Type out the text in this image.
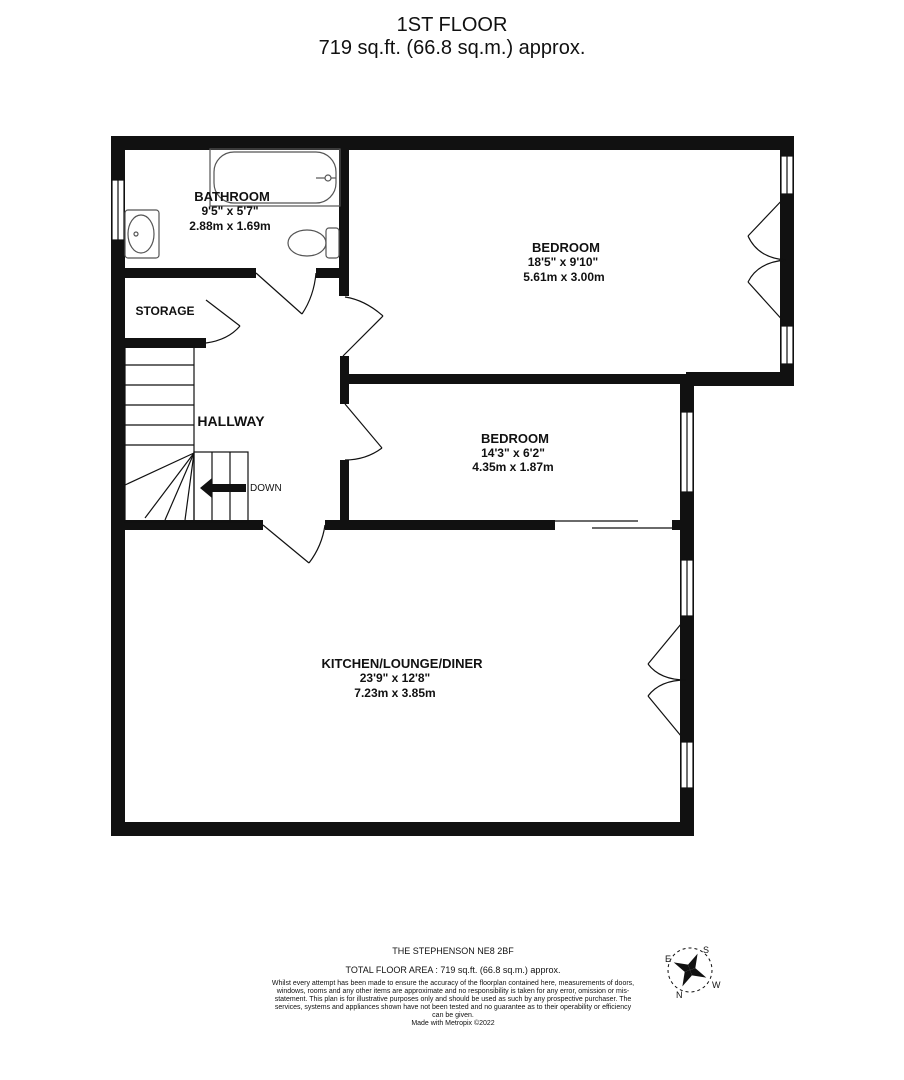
1ST FLOOR
719 sq.ft. (66.8 sq.m.) approx.
DOWN
BATHROOM
9'5" x 5'7"
2.88m x 1.69m
BEDROOM
18'5" x 9'10"
5.61m x 3.00m
STORAGE
HALLWAY
BEDROOM
14'3" x 6'2"
4.35m x 1.87m
KITCHEN/LOUNGE/DINER
23'9" x 12'8"
7.23m x 3.85m
S
W
N
E
THE STEPHENSON NE8 2BF
TOTAL FLOOR AREA : 719 sq.ft. (66.8 sq.m.) approx.
Whilst every attempt has been made to ensure the accuracy of the floorplan contained here, measurements of doors, windows, rooms and any other items are approximate and no responsibility is taken for any error, omission or mis-statement. This plan is for illustrative purposes only and should be used as such by any prospective purchaser. The services, systems and appliances shown have not been tested and no guarantee as to their operability or efficiency can be given.
Made with Metropix ©2022
